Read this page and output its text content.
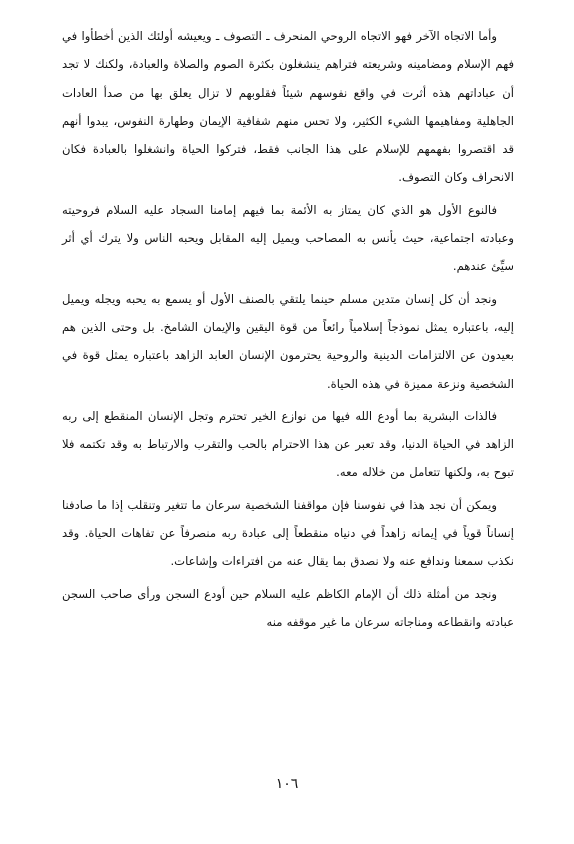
وأما الاتجاه الآخر فهو الاتجاه الروحي المنحرف ـ التصوف ـ ويعيشه أولئك الذين أخطأوا في فهم الإسلام ومضامينه وشريعته فتراهم ينشغلون بكثرة الصوم والصلاة والعبادة، ولكنك لا تجد أن عباداتهم هذه أثرت في واقع نفوسهم شيئاً فقلوبهم لا تزال يعلق بها من صدأ العادات الجاهلية ومفاهيمها الشيء الكثير، ولا تحس منهم شفافية الإيمان وطهارة النفوس، يبدوا أنهم قد اقتصروا بفهمهم للإسلام على هذا الجانب فقط، فتركوا الحياة وانشغلوا بالعبادة فكان الانحراف وكان التصوف.

فالنوع الأول هو الذي كان يمتاز به الأئمة بما فيهم إمامنا السجاد عليه السلام فروحيته وعبادته اجتماعية، حيث يأنس به المصاحب ويميل إليه المقابل ويحبه الناس ولا يترك أي أثر سيِّئ عندهم.

ونجد أن كل إنسان متدين مسلم حينما يلتقي بالصنف الأول أو يسمع به يحبه ويجله ويميل إليه، باعتباره يمثل نموذجاً إسلامياً رائعاً من قوة اليقين والإيمان الشامخ. بل وحتى الذين هم بعيدون عن الالتزامات الدينية والروحية يحترمون الإنسان العابد الزاهد باعتباره يمثل قوة في الشخصية ونزعة مميزة في هذه الحياة.

فالذات البشرية بما أودع الله فيها من نوازع الخير تحترم وتجل الإنسان المنقطع إلى ربه الزاهد في الحياة الدنيا، وقد تعبر عن هذا الاحترام بالحب والتقرب والارتباط به وقد تكتمه فلا تبوح به، ولكنها تتعامل من خلاله معه.

ويمكن أن نجد هذا في نفوسنا فإن مواقفنا الشخصية سرعان ما تتغير وتنقلب إذا ما صادفنا إنساناً قوياً في إيمانه زاهداً في دنياه منقطعاً إلى عبادة ربه منصرفاً عن تفاهات الحياة. وقد نكذب سمعنا وندافع عنه ولا نصدق بما يقال عنه من افتراءات وإشاعات.

ونجد من أمثلة ذلك أن الإمام الكاظم عليه السلام حين أودع السجن ورأى صاحب السجن عبادته وانقطاعه ومناجاته سرعان ما غير موقفه منه

١٠٦
